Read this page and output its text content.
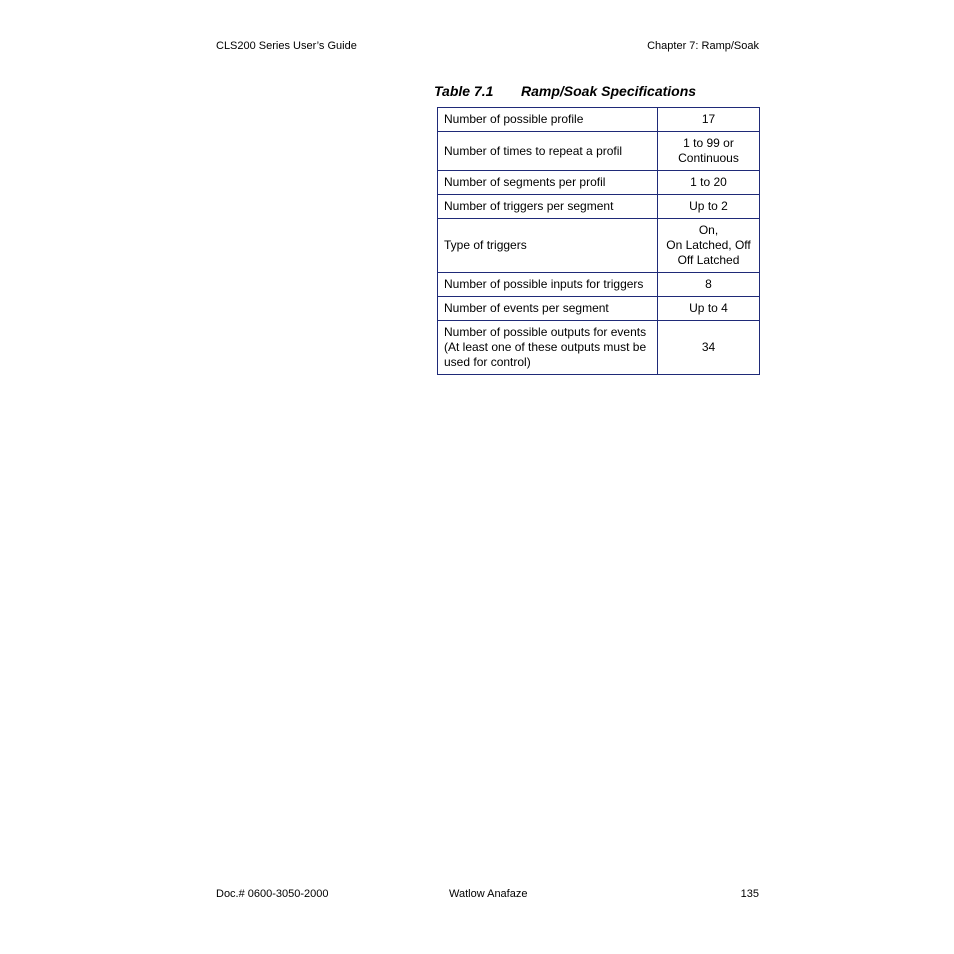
CLS200 Series User’s Guide	Chapter 7: Ramp/Soak
Table 7.1 Ramp/Soak Specifications
Number of possible profile	17

Number of times to repeat a profil	1 to 99 or
Continuous

Number of segments per profil	1 to 20

Number of triggers per segment	Up to 2

Type of triggers	On,
On Latched, Off
Off Latched

Number of possible inputs for triggers	8

Number of events per segment	Up to 4

Number of possible outputs for events
(At least one of these outputs must be
used for control)	34
Doc.# 0600-3050-2000	Watlow Anafaze	135
